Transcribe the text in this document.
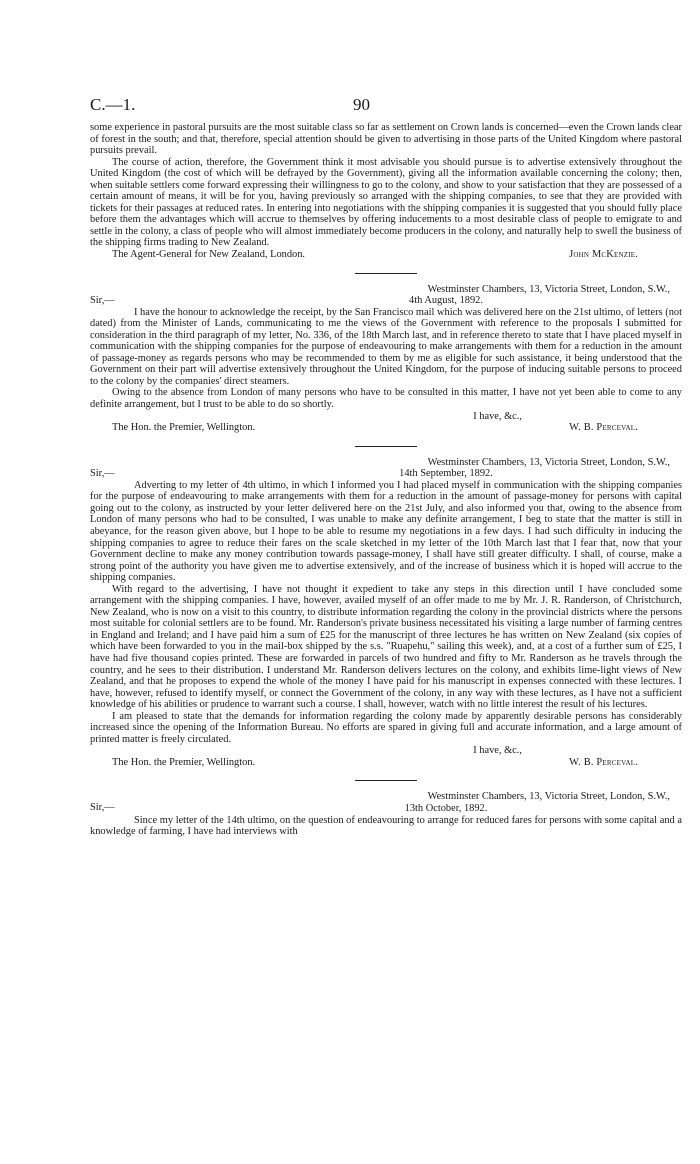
C.—1.	90

some experience in pastoral pursuits are the most suitable class so far as settlement on Crown lands is concerned—even the Crown lands clear of forest in the south; and that, therefore, special attention should be given to advertising in those parts of the United Kingdom where pastoral pursuits prevail.

The course of action, therefore, the Government think it most advisable you should pursue is to advertise extensively throughout the United Kingdom (the cost of which will be defrayed by the Government), giving all the information available concerning the colony; then, when suitable settlers come forward expressing their willingness to go to the colony, and show to your satisfaction that they are possessed of a certain amount of means, it will be for you, having previously so arranged with the shipping companies, to see that they are provided with tickets for their passages at reduced rates. In entering into negotiations with the shipping companies it is suggested that you should fully place before them the advantages which will accrue to themselves by offering inducements to a most desirable class of people to emigrate to and settle in the colony, a class of people who will almost immediately become producers in the colony, and naturally help to swell the business of the shipping firms trading to New Zealand.

The Agent-General for New Zealand, London.	John McKenzie.
Westminster Chambers, 13, Victoria Street, London, S.W.,
4th August, 1892.
Sir,—

I have the honour to acknowledge the receipt, by the San Francisco mail which was delivered here on the 21st ultimo, of letters (not dated) from the Minister of Lands, communicating to me the views of the Government with reference to the proposals I submitted for consideration in the third paragraph of my letter, No. 336, of the 18th March last, and in reference thereto to state that I have placed myself in communication with the shipping companies for the purpose of endeavouring to make arrangements with them for a reduction in the amount of passage-money as regards persons who may be recommended to them by me as eligible for such assistance, it being understood that the Government on their part will advertise extensively throughout the United Kingdom, for the purpose of inducing suitable persons to proceed to the colony by the companies' direct steamers.

Owing to the absence from London of many persons who have to be consulted in this matter, I have not yet been able to come to any definite arrangement, but I trust to be able to do so shortly.

I have, &c.,
The Hon. the Premier, Wellington.	W. B. Perceval.
Westminster Chambers, 13, Victoria Street, London, S.W.,
14th September, 1892.
Sir,—

Adverting to my letter of 4th ultimo, in which I informed you I had placed myself in communication with the shipping companies for the purpose of endeavouring to make arrangements with them for a reduction in the amount of passage-money for persons with capital going out to the colony, as instructed by your letter delivered here on the 21st July, and also informed you that, owing to the absence from London of many persons who had to be consulted, I was unable to make any definite arrangement, I beg to state that the matter is still in abeyance, for the reason given above, but I hope to be able to resume my negotiations in a few days. I had such difficulty in inducing the shipping companies to agree to reduce their fares on the scale sketched in my letter of the 10th March last that I fear that, now that your Government decline to make any money contribution towards passage-money, I shall have still greater difficulty. I shall, of course, make a strong point of the authority you have given me to advertise extensively, and of the increase of business which it is hoped will accrue to the shipping companies.

With regard to the advertising, I have not thought it expedient to take any steps in this direction until I have concluded some arrangement with the shipping companies. I have, however, availed myself of an offer made to me by Mr. J. R. Randerson, of Christchurch, New Zealand, who is now on a visit to this country, to distribute information regarding the colony in the provincial districts where the persons most suitable for colonial settlers are to be found. Mr. Randerson's private business necessitated his visiting a large number of farming centres in England and Ireland; and I have paid him a sum of £25 for the manuscript of three lectures he has written on New Zealand (six copies of which have been forwarded to you in the mail-box shipped by the s.s. "Ruapehu," sailing this week), and, at a cost of a further sum of £25, I have had five thousand copies printed. These are forwarded in parcels of two hundred and fifty to Mr. Randerson as he travels through the country, and he sees to their distribution. I understand Mr. Randerson delivers lectures on the colony, and exhibits lime-light views of New Zealand, and that he proposes to expend the whole of the money I have paid for his manuscript in expenses connected with these lectures. I have, however, refused to identify myself, or connect the Government of the colony, in any way with these lectures, as I have not a sufficient knowledge of his abilities or prudence to warrant such a course. I shall, however, watch with no little interest the result of his lectures.

I am pleased to state that the demands for information regarding the colony made by apparently desirable persons has considerably increased since the opening of the Information Bureau. No efforts are spared in giving full and accurate information, and a large amount of printed matter is freely circulated.

I have, &c.,
The Hon. the Premier, Wellington.	W. B. Perceval.
Westminster Chambers, 13, Victoria Street, London, S.W.,
13th October, 1892.
Sir,—

Since my letter of the 14th ultimo, on the question of endeavouring to arrange for reduced fares for persons with some capital and a knowledge of farming, I have had interviews with
